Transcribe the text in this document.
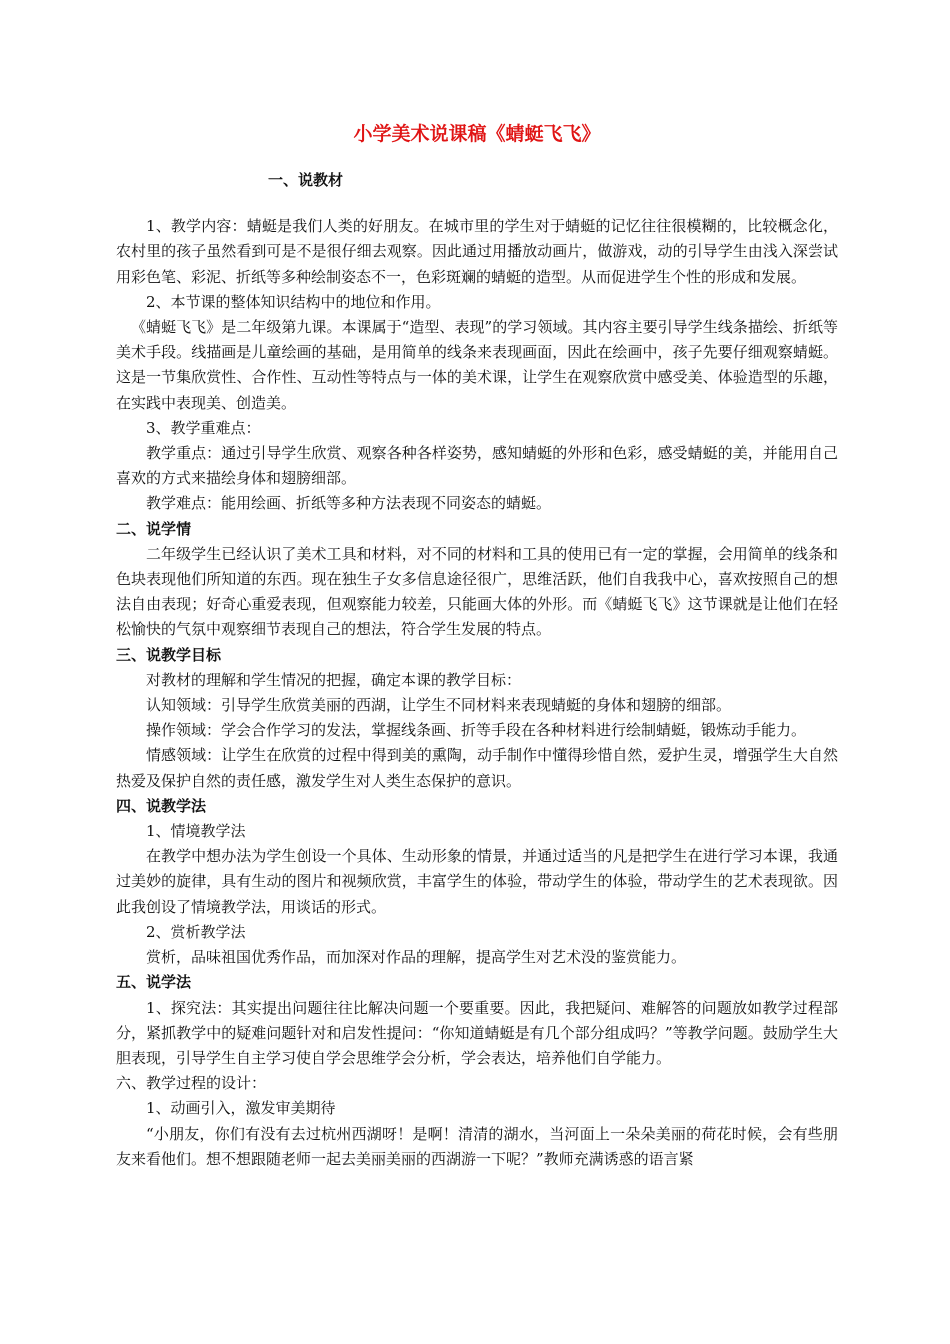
小学美术说课稿《蜻蜓飞飞》
一、说教材

1、教学内容：蜻蜓是我们人类的好朋友。在城市里的学生对于蜻蜓的记忆往往很模糊的，比较概念化，农村里的孩子虽然看到可是不是很仔细去观察。因此通过用播放动画片，做游戏，动的引导学生由浅入深尝试用彩色笔、彩泥、折纸等多种绘制姿态不一，色彩斑斓的蜻蜓的造型。从而促进学生个性的形成和发展。

2、本节课的整体知识结构中的地位和作用。

《蜻蜓飞飞》是二年级第九课。本课属于“造型、表现”的学习领域。其内容主要引导学生线条描绘、折纸等美术手段。线描画是儿童绘画的基础，是用简单的线条来表现画面，因此在绘画中，孩子先要仔细观察蜻蜓。这是一节集欣赏性、合作性、互动性等特点与一体的美术课，让学生在观察欣赏中感受美、体验造型的乐趣，在实践中表现美、创造美。

3、教学重难点：

教学重点：通过引导学生欣赏、观察各种各样姿势，感知蜻蜓的外形和色彩，感受蜻蜓的美，并能用自己喜欢的方式来描绘身体和翅膀细部。

教学难点：能用绘画、折纸等多种方法表现不同姿态的蜻蜓。

二、说学情

二年级学生已经认识了美术工具和材料，对不同的材料和工具的使用已有一定的掌握，会用简单的线条和色块表现他们所知道的东西。现在独生子女多信息途径很广，思维活跃，他们自我我中心，喜欢按照自己的想法自由表现；好奇心重爱表现，但观察能力较差，只能画大体的外形。而《蜻蜓飞飞》这节课就是让他们在轻松愉快的气氛中观察细节表现自己的想法，符合学生发展的特点。

三、说教学目标

对教材的理解和学生情况的把握，确定本课的教学目标：

认知领域：引导学生欣赏美丽的西湖，让学生不同材料来表现蜻蜓的身体和翅膀的细部。

操作领域：学会合作学习的发法，掌握线条画、折等手段在各种材料进行绘制蜻蜓，锻炼动手能力。

情感领域：让学生在欣赏的过程中得到美的熏陶，动手制作中懂得珍惜自然，爱护生灵，增强学生大自然热爱及保护自然的责任感，激发学生对人类生态保护的意识。

四、说教学法

1、情境教学法

在教学中想办法为学生创设一个具体、生动形象的情景，并通过适当的凡是把学生在进行学习本课，我通过美妙的旋律，具有生动的图片和视频欣赏，丰富学生的体验，带动学生的体验，带动学生的艺术表现欲。因此我创设了情境教学法，用谈话的形式。

2、赏析教学法

赏析，品味祖国优秀作品，而加深对作品的理解，提高学生对艺术没的鉴赏能力。

五、说学法

1、探究法：其实提出问题往往比解决问题一个要重要。因此，我把疑问、难解答的问题放如教学过程部分，紧抓教学中的疑难问题针对和启发性提问：“你知道蜻蜓是有几个部分组成吗？”等教学问题。鼓励学生大胆表现，引导学生自主学习使自学会思维学会分析，学会表达，培养他们自学能力。

六、教学过程的设计：

1、动画引入，激发审美期待

“小朋友，你们有没有去过杭州西湖呀！是啊！清清的湖水，当河面上一朵朵美丽的荷花时候，会有些朋友来看他们。想不想跟随老师一起去美丽美丽的西湖游一下呢？”教师充满诱惑的语言紧
